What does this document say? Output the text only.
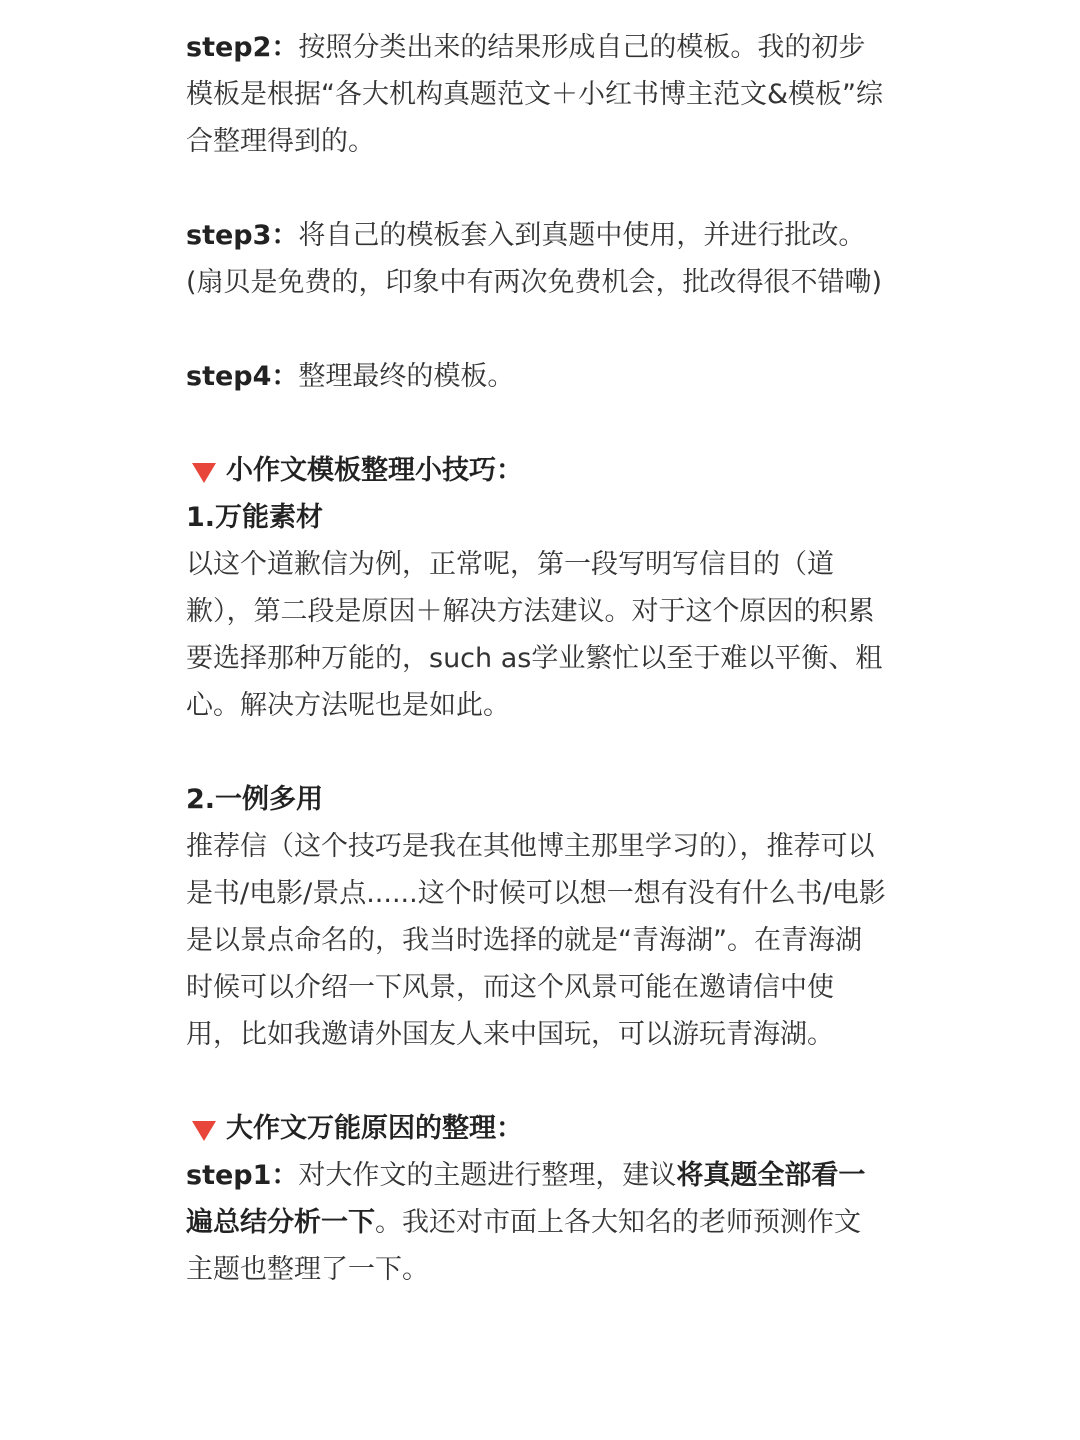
step2：按照分类出来的结果形成自己的模板。我的初步模板是根据“各大机构真题范文＋小红书博主范文&模板”综合整理得到的。

step3：将自己的模板套入到真题中使用，并进行批改。(扇贝是免费的，印象中有两次免费机会，批改得很不错嘞)

step4：整理最终的模板。

小作文模板整理小技巧：

1.万能素材

以这个道歉信为例，正常呢，第一段写明写信目的（道歉），第二段是原因＋解决方法建议。对于这个原因的积累要选择那种万能的，such as学业繁忙以至于难以平衡、粗心。解决方法呢也是如此。

2.一例多用

推荐信（这个技巧是我在其他博主那里学习的），推荐可以是书/电影/景点......这个时候可以想一想有没有什么书/电影是以景点命名的，我当时选择的就是“青海湖”。在青海湖时候可以介绍一下风景，而这个风景可能在邀请信中使用，比如我邀请外国友人来中国玩，可以游玩青海湖。

大作文万能原因的整理：

step1：对大作文的主题进行整理，建议将真题全部看一遍总结分析一下。我还对市面上各大知名的老师预测作文主题也整理了一下。
